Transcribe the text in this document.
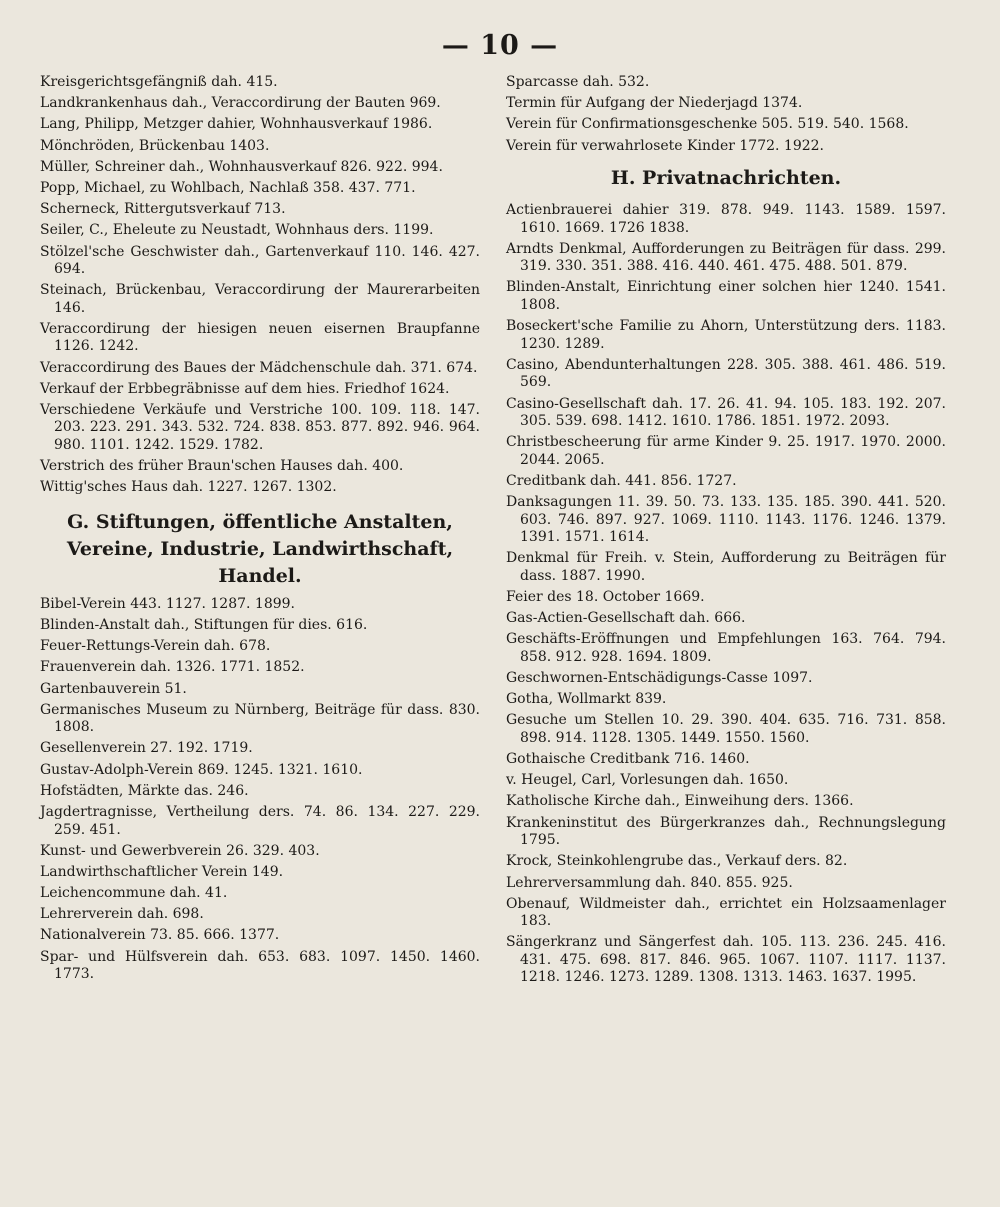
— 10 —
Kreisgerichtsgefängniß dah. 415.
Landkrankenhaus dah., Veraccordirung der Bauten 969.
Lang, Philipp, Metzger dahier, Wohnhausverkauf 1986.
Mönchröden, Brückenbau 1403.
Müller, Schreiner dah., Wohnhausverkauf 826. 922. 994.
Popp, Michael, zu Wohlbach, Nachlaß 358. 437. 771.
Scherneck, Rittergutsverkauf 713.
Seiler, C., Eheleute zu Neustadt, Wohnhaus ders. 1199.
Stölzel'sche Geschwister dah., Gartenverkauf 110. 146. 427. 694.
Steinach, Brückenbau, Veraccordirung der Maurerarbeiten 146.
Veraccordirung der hiesigen neuen eisernen Braupfanne 1126. 1242.
Veraccordirung des Baues der Mädchenschule dah. 371. 674.
Verkauf der Erbbegräbnisse auf dem hies. Friedhof 1624.
Verschiedene Verkäufe und Verstriche 100. 109. 118. 147. 203. 223. 291. 343. 532. 724. 838. 853. 877. 892. 946. 964. 980. 1101. 1242. 1529. 1782.
Verstrich des früher Braun'schen Hauses dah. 400.
Wittig'sches Haus dah. 1227. 1267. 1302.
G. Stiftungen, öffentliche Anstalten, Vereine, Industrie, Landwirthschaft, Handel.
Bibel-Verein 443. 1127. 1287. 1899.
Blinden-Anstalt dah., Stiftungen für dies. 616.
Feuer-Rettungs-Verein dah. 678.
Frauenverein dah. 1326. 1771. 1852.
Gartenbauverein 51.
Germanisches Museum zu Nürnberg, Beiträge für dass. 830. 1808.
Gesellenverein 27. 192. 1719.
Gustav-Adolph-Verein 869. 1245. 1321. 1610.
Hofstädten, Märkte das. 246.
Jagdertragnisse, Vertheilung ders. 74. 86. 134. 227. 229. 259. 451.
Kunst- und Gewerbverein 26. 329. 403.
Landwirthschaftlicher Verein 149.
Leichencommune dah. 41.
Lehrerverein dah. 698.
Nationalverein 73. 85. 666. 1377.
Spar- und Hülfsverein dah. 653. 683. 1097. 1450. 1460. 1773.
Sparcasse dah. 532.
Termin für Aufgang der Niederjagd 1374.
Verein für Confirmationsgeschenke 505. 519. 540. 1568.
Verein für verwahrlosete Kinder 1772. 1922.
H. Privatnachrichten.
Actienbrauerei dahier 319. 878. 949. 1143. 1589. 1597. 1610. 1669. 1726 1838.
Arndts Denkmal, Aufforderungen zu Beiträgen für dass. 299. 319. 330. 351. 388. 416. 440. 461. 475. 488. 501. 879.
Blinden-Anstalt, Einrichtung einer solchen hier 1240. 1541. 1808.
Boseckert'sche Familie zu Ahorn, Unterstützung ders. 1183. 1230. 1289.
Casino, Abendunterhaltungen 228. 305. 388. 461. 486. 519. 569.
Casino-Gesellschaft dah. 17. 26. 41. 94. 105. 183. 192. 207. 305. 539. 698. 1412. 1610. 1786. 1851. 1972. 2093.
Christbescheerung für arme Kinder 9. 25. 1917. 1970. 2000. 2044. 2065.
Creditbank dah. 441. 856. 1727.
Danksagungen 11. 39. 50. 73. 133. 135. 185. 390. 441. 520. 603. 746. 897. 927. 1069. 1110. 1143. 1176. 1246. 1379. 1391. 1571. 1614.
Denkmal für Freih. v. Stein, Aufforderung zu Beiträgen für dass. 1887. 1990.
Feier des 18. October 1669.
Gas-Actien-Gesellschaft dah. 666.
Geschäfts-Eröffnungen und Empfehlungen 163. 764. 794. 858. 912. 928. 1694. 1809.
Geschwornen-Entschädigungs-Casse 1097.
Gotha, Wollmarkt 839.
Gesuche um Stellen 10. 29. 390. 404. 635. 716. 731. 858. 898. 914. 1128. 1305. 1449. 1550. 1560.
Gothaische Creditbank 716. 1460.
v. Heugel, Carl, Vorlesungen dah. 1650.
Katholische Kirche dah., Einweihung ders. 1366.
Krankeninstitut des Bürgerkranzes dah., Rechnungslegung 1795.
Krock, Steinkohlengrube das., Verkauf ders. 82.
Lehrerversammlung dah. 840. 855. 925.
Obenauf, Wildmeister dah., errichtet ein Holzsaamenlager 183.
Sängerkranz und Sängerfest dah. 105. 113. 236. 245. 416. 431. 475. 698. 817. 846. 965. 1067. 1107. 1117. 1137. 1218. 1246. 1273. 1289. 1308. 1313. 1463. 1637. 1995.
